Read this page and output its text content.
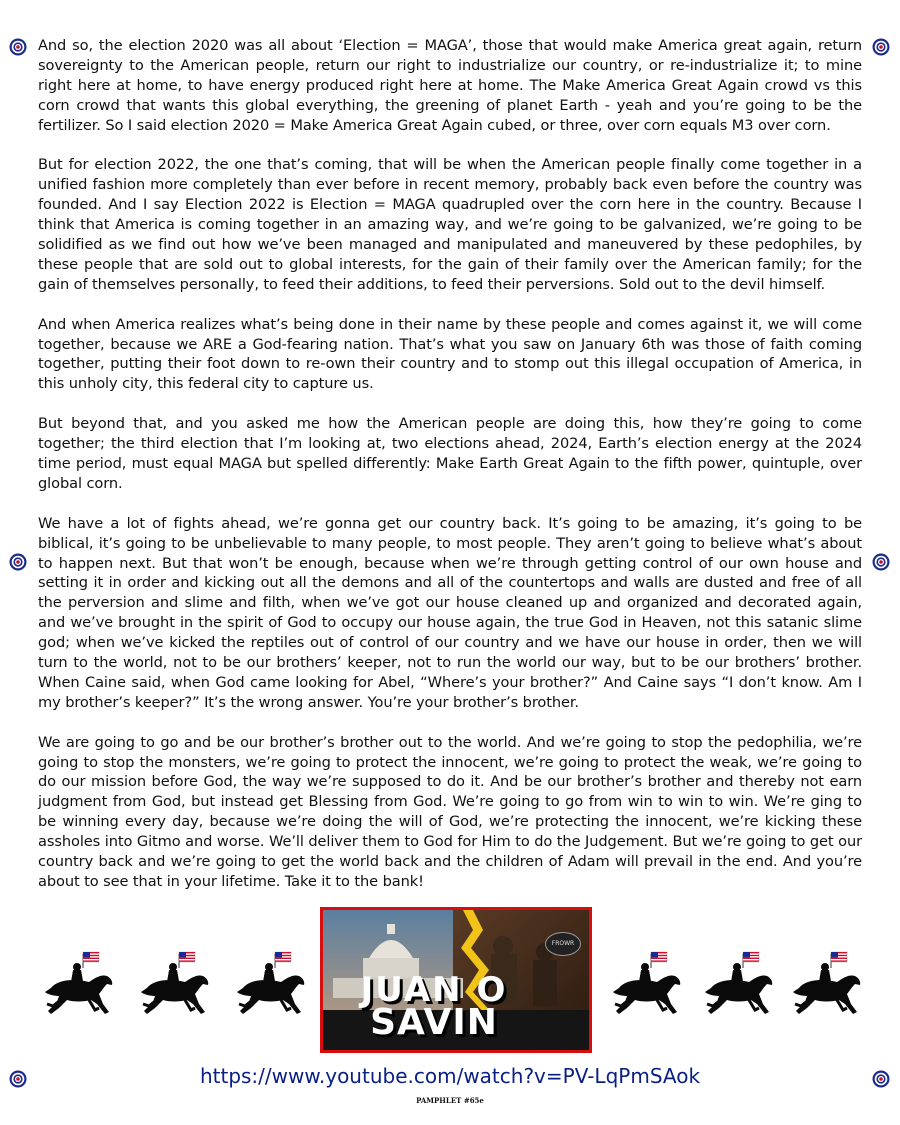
And so, the election 2020 was all about ‘Election = MAGA’, those that would make America great again, return sovereignty to the American people, return our right to industrialize our country, or re-industrialize it; to mine right here at home, to have energy produced right here at home. The Make America Great Again crowd vs this corn crowd that wants this global everything, the greening of planet Earth - yeah and you’re going to be the fertilizer. So I said election 2020 = Make America Great Again cubed, or three, over corn equals M3 over corn.

But for election 2022, the one that’s coming, that will be when the American people finally come together in a unified fashion more completely than ever before in recent memory, probably back even before the country was founded. And I say Election 2022 is Election = MAGA quadrupled over the corn here in the country. Because I think that America is coming together in an amazing way, and we’re going to be galvanized, we’re going to be solidified as we find out how we’ve been managed and manipulated and maneuvered by these pedophiles, by these people that are sold out to global interests, for the gain of their family over the American family; for the gain of themselves personally, to feed their additions, to feed their perversions. Sold out to the devil himself.

And when America realizes what’s being done in their name by these people and comes against it, we will come together, because we ARE a God-fearing nation. That’s what you saw on January 6th was those of faith coming together, putting their foot down to re-own their country and to stomp out this illegal occupation of America, in this unholy city, this federal city to capture us.

But beyond that, and you asked me how the American people are doing this, how they’re going to come together; the third election that I’m looking at, two elections ahead, 2024, Earth’s election energy at the 2024 time period, must equal MAGA but spelled differently: Make Earth Great Again to the fifth power, quintuple, over global corn.

We have a lot of fights ahead, we’re gonna get our country back. It’s going to be amazing, it’s going to be biblical, it’s going to be unbelievable to many people, to most people. They aren’t going to believe what’s about to happen next. But that won’t be enough, because when we’re through getting control of our own house and setting it in order and kicking out all the demons and all of the countertops and walls are dusted and free of all the perversion and slime and filth, when we’ve got our house cleaned up and organized and decorated again, and we’ve brought in the spirit of God to occupy our house again, the true God in Heaven, not this satanic slime god; when we’ve kicked the reptiles out of control of our country and we have our house in order, then we will turn to the world, not to be our brothers’ keeper, not to run the world our way, but to be our brothers’ brother. When Caine said, when God came looking for Abel, “Where’s your brother?” And Caine says “I don’t know. Am I my brother’s keeper?” It’s the wrong answer. You’re your brother’s brother.

We are going to go and be our brother’s brother out to the world. And we’re going to stop the pedophilia, we’re going to stop the monsters, we’re going to protect the innocent, we’re going to protect the weak, we’re going to do our mission before God, the way we’re supposed to do it. And be our brother’s brother and thereby not earn judgment from God, but instead get Blessing from God. We’re going to go from win to win to win. We’re ging to be winning every day, because we’re doing the will of God, we’re protecting the innocent, we’re kicking these assholes into Gitmo and worse. We’ll deliver them to God for Him to do the Judgement. But we’re going to get our country back and we’re going to get the world back and the children of Adam will prevail in the end. And you’re about to see that in your lifetime. Take it to the bank!

FROWR
JUAN O
SAVIN
https://www.youtube.com/watch?v=PV-LqPmSAok
PAMPHLET #65e
